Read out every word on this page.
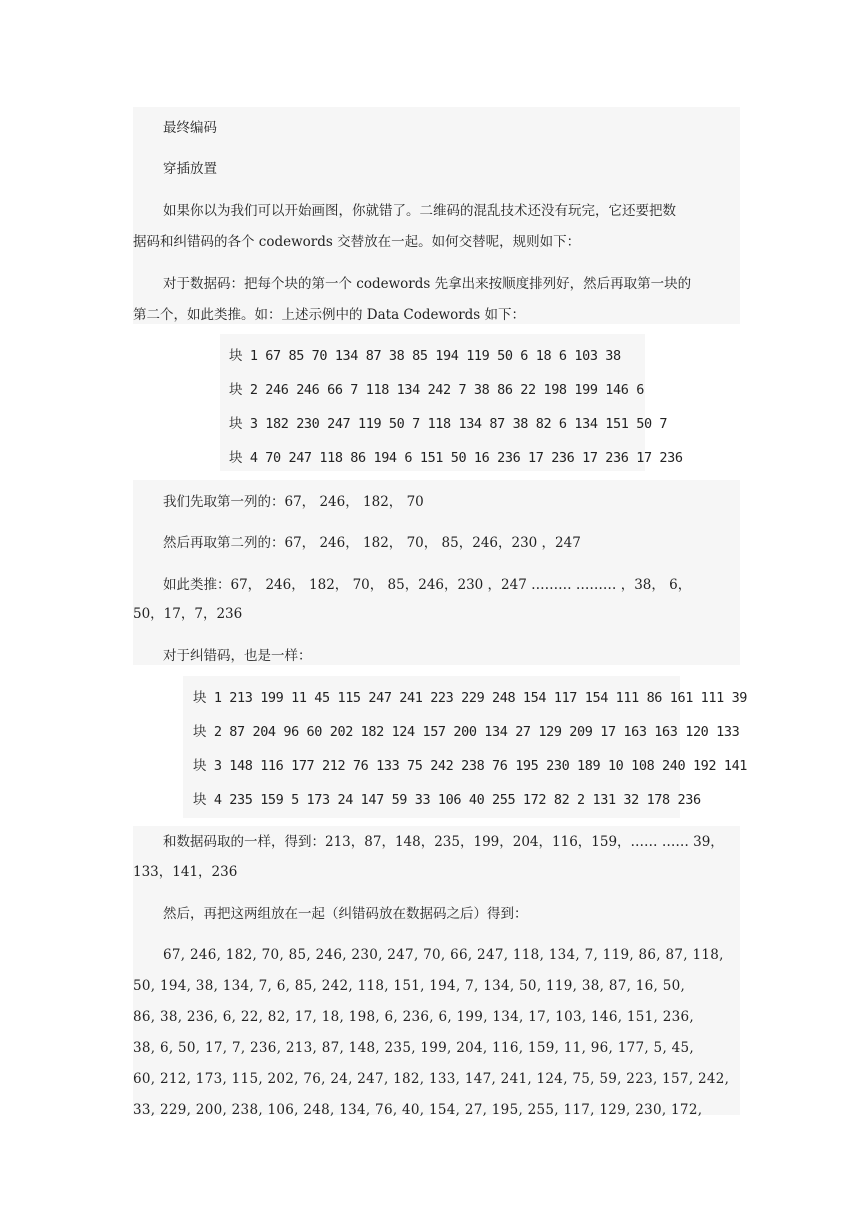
最终编码
穿插放置
如果你以为我们可以开始画图，你就错了。二维码的混乱技术还没有玩完，它还要把数
据码和纠错码的各个 codewords 交替放在一起。如何交替呢，规则如下：
对于数据码：把每个块的第一个 codewords 先拿出来按顺度排列好，然后再取第一块的
第二个，如此类推。如：上述示例中的 Data Codewords 如下：
块 1 67 85 70 134 87 38 85 194 119 50 6 18 6 103 38
块 2 246 246 66 7 118 134 242 7 38 86 22 198 199 146 6
块 3 182 230 247 119 50 7 118 134 87 38 82 6 134 151 50 7
块 4 70 247 118 86 194 6 151 50 16 236 17 236 17 236 17 236
我们先取第一列的：67， 246， 182， 70
然后再取第二列的：67， 246， 182， 70， 85，246，230 ，247
如此类推：67， 246， 182， 70， 85，246，230 ，247 ……… ……… ，38， 6，
50，17，7，236
对于纠错码，也是一样：
块 1 213 199 11 45 115 247 241 223 229 248 154 117 154 111 86 161 111 39
块 2 87 204 96 60 202 182 124 157 200 134 27 129 209 17 163 163 120 133
块 3 148 116 177 212 76 133 75 242 238 76 195 230 189 10 108 240 192 141
块 4 235 159 5 173 24 147 59 33 106 40 255 172 82 2 131 32 178 236
和数据码取的一样，得到：213，87，148，235，199，204，116，159，…… …… 39，
133，141，236
然后，再把这两组放在一起（纠错码放在数据码之后）得到：
67, 246, 182, 70, 85, 246, 230, 247, 70, 66, 247, 118, 134, 7, 119, 86, 87, 118,
50, 194, 38, 134, 7, 6, 85, 242, 118, 151, 194, 7, 134, 50, 119, 38, 87, 16, 50,
86, 38, 236, 6, 22, 82, 17, 18, 198, 6, 236, 6, 199, 134, 17, 103, 146, 151, 236,
38, 6, 50, 17, 7, 236, 213, 87, 148, 235, 199, 204, 116, 159, 11, 96, 177, 5, 45,
60, 212, 173, 115, 202, 76, 24, 247, 182, 133, 147, 241, 124, 75, 59, 223, 157, 242,
33, 229, 200, 238, 106, 248, 134, 76, 40, 154, 27, 195, 255, 117, 129, 230, 172,
